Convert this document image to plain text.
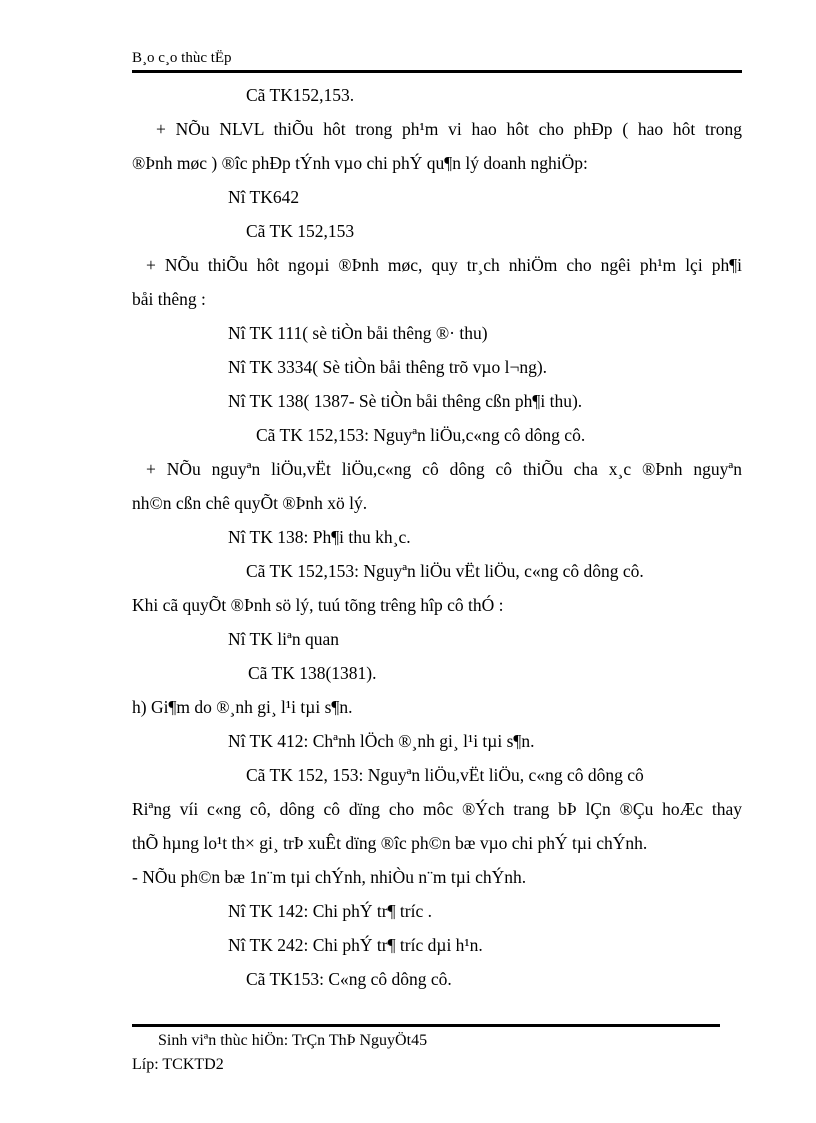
B¸o c¸o thùc tËp
Cã TK152,153.
+ NÕu NLVL thiÕu hôt trong ph¹m vi hao hôt cho phÐp ( hao hôt trong
®Þnh møc ) ®îc phÐp tÝnh vµo chi phÝ qu¶n lý doanh nghiÖp:
Nî TK642
Cã TK 152,153
+ NÕu thiÕu hôt ngoµi ®Þnh møc, quy tr¸ch nhiÖm cho ngêi ph¹m lçi ph¶i
båi thêng :
Nî TK 111( sè tiÒn båi thêng ®· thu)
Nî TK 3334( Sè tiÒn båi thêng trõ vµo l¬ng).
Nî TK 138( 1387- Sè tiÒn båi thêng cßn ph¶i thu).
Cã TK 152,153: Nguyªn liÖu,c«ng cô dông cô.
+ NÕu nguyªn liÖu,vËt liÖu,c«ng cô dông cô thiÕu cha x¸c ®Þnh nguyªn
nh©n cßn chê quyÕt ®Þnh xö lý.
Nî TK 138: Ph¶i thu kh¸c.
Cã TK 152,153: Nguyªn liÖu vËt liÖu, c«ng cô dông cô.
Khi cã quyÕt ®Þnh sö lý, tuú tõng trêng hîp cô thÓ :
Nî TK liªn quan
Cã TK 138(1381).
h) Gi¶m do ®¸nh gi¸ l¹i tµi s¶n.
Nî TK 412: Chªnh lÖch ®¸nh gi¸ l¹i tµi s¶n.
Cã TK 152, 153: Nguyªn liÖu,vËt liÖu, c«ng cô dông cô
Riªng víi c«ng cô, dông cô dïng cho môc ®Ých trang bÞ lÇn ®Çu hoÆc thay
thÕ hµng lo¹t th× gi¸ trÞ xuÊt dïng ®îc ph©n bæ vµo chi phÝ tµi chÝnh.
- NÕu ph©n bæ 1n¨m tµi chÝnh, nhiÒu n¨m tµi chÝnh.
Nî TK 142: Chi phÝ tr¶ tríc .
Nî TK 242: Chi phÝ tr¶ tríc dµi h¹n.
Cã TK153: C«ng cô dông cô.
Sinh viªn thùc hiÖn: TrÇn ThÞ NguyÖt45
Líp: TCKTD2
